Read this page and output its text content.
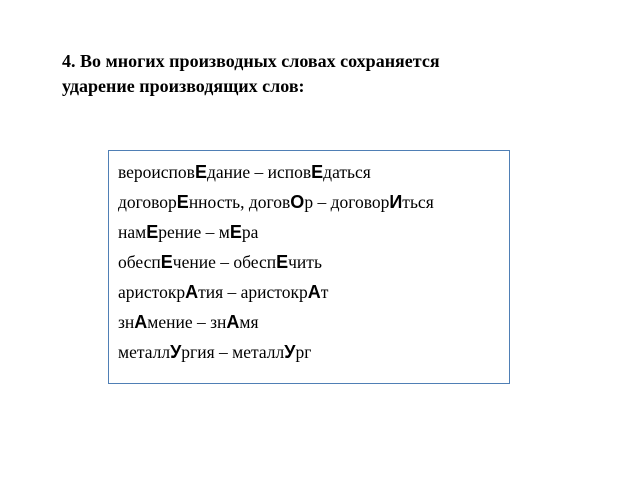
4. Во многих производных словах сохраняется
ударение производящих слов:
вероисповЕдание – исповЕдаться
договорЕнность, договОр – договорИться
намЕрение – мЕра
обеспЕчение – обеспЕчить
аристокрАтия – аристокрАт
знАмение – знАмя
металлУргия – металлУрг
